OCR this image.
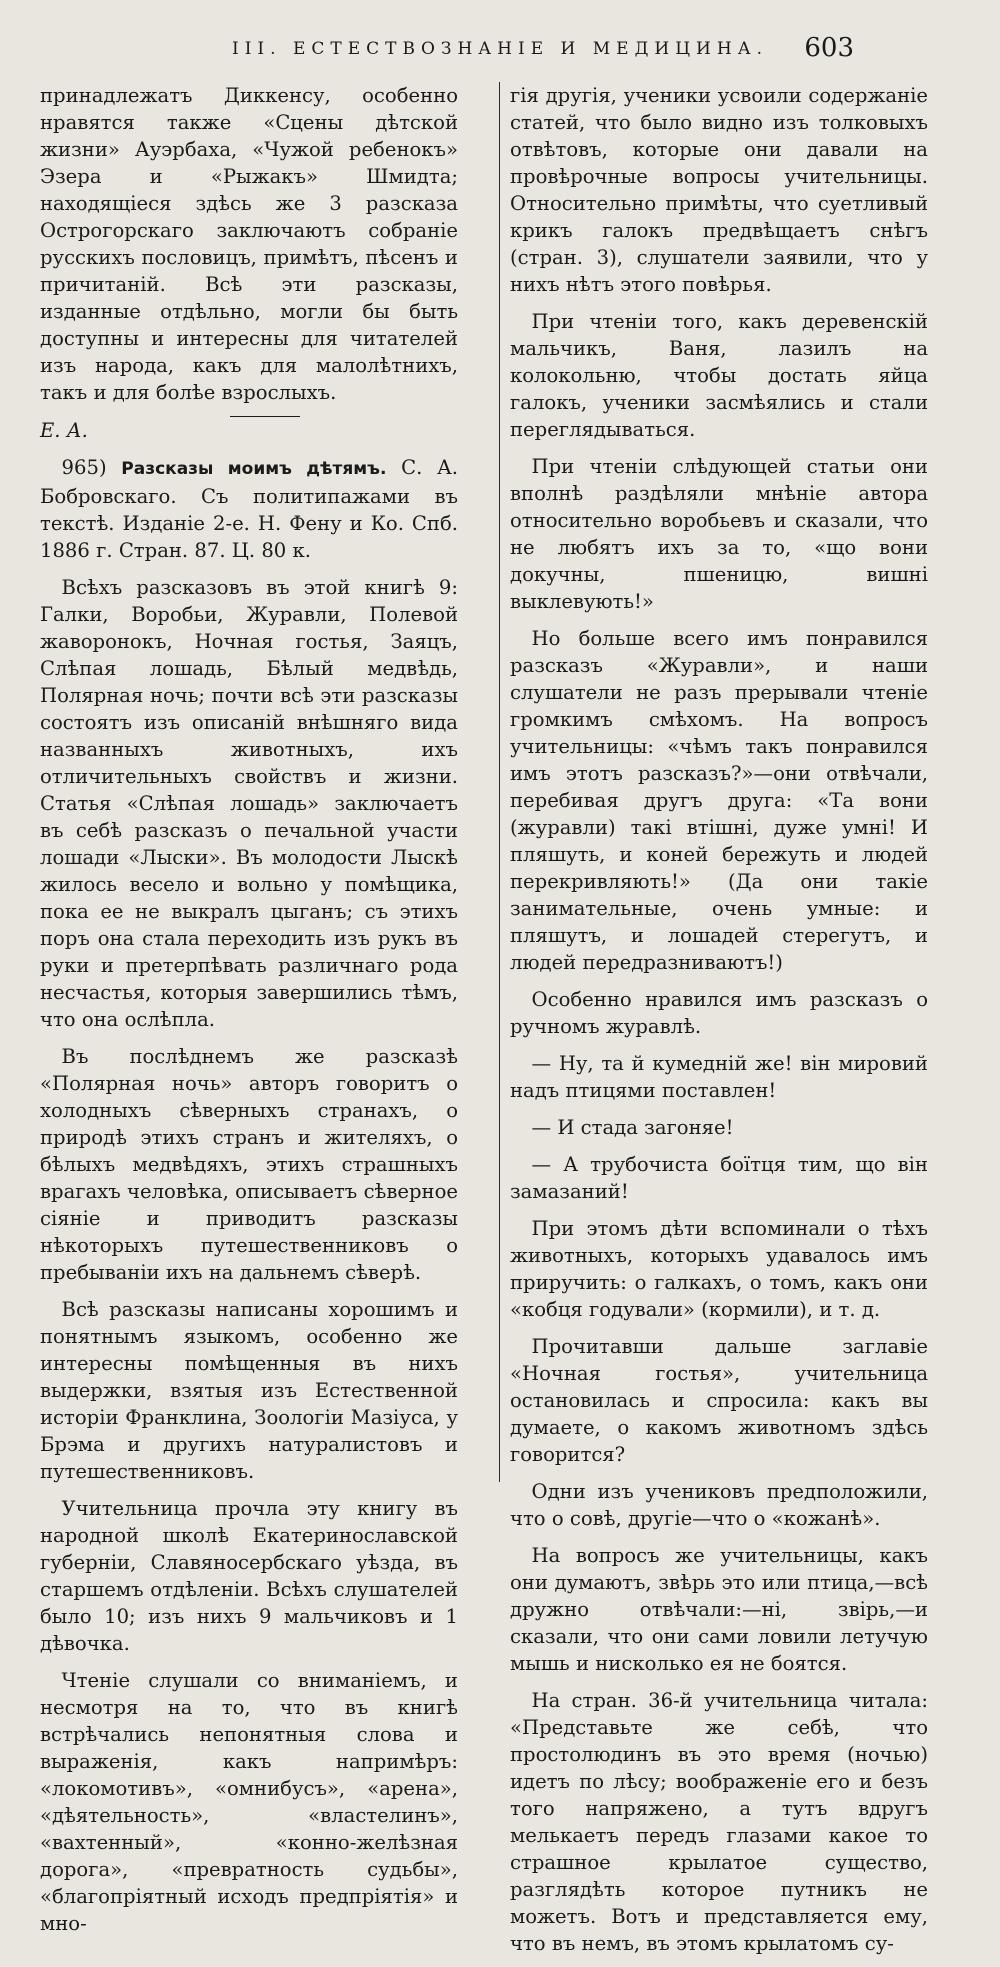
III. ЕСТЕСТВОЗНАНIE И МЕДИЦИНА. 603

принадлежатъ Диккенсу, особенно нравятся также «Сцены дѣтской жизни» Ауэрбаха, «Чужой ребенокъ» Эзера и «Рыжакъ» Шмидта; находящiеся здѣсь же 3 разсказа Острогорскаго заключаютъ собранiе русскихъ пословицъ, примѣтъ, пѣсенъ и причитанiй. Всѣ эти разсказы, изданные отдѣльно, могли бы быть доступны и интересны для читателей изъ народа, какъ для малолѣтнихъ, такъ и для болѣе взрослыхъ.

Е. А.

965) Разсказы моимъ дѣтямъ. С. А. Бобровскаго. Съ политипажами въ текстѣ. Изданiе 2-е. Н. Фену и Ко. Спб. 1886 г. Стран. 87. Ц. 80 к.

Всѣхъ разсказовъ въ этой книгѣ 9: Галки, Воробьи, Журавли, Полевой жаворонокъ, Ночная гостья, Заяцъ, Слѣпая лошадь, Бѣлый медвѣдь, Полярная ночь; почти всѣ эти разсказы состоятъ изъ описанiй внѣшняго вида названныхъ животныхъ, ихъ отличительныхъ свойствъ и жизни. Статья «Слѣпая лошадь» заключаетъ въ себѣ разсказъ о печальной участи лошади «Лыски». Въ молодости Лыскѣ жилось весело и вольно у помѣщика, пока ее не выкралъ цыганъ; съ этихъ поръ она стала переходить изъ рукъ въ руки и претерпѣвать различнаго рода несчастья, которыя завершились тѣмъ, что она ослѣпла.

Въ послѣднемъ же разсказѣ «Полярная ночь» авторъ говоритъ о холодныхъ сѣверныхъ странахъ, о природѣ этихъ странъ и жителяхъ, о бѣлыхъ медвѣдяхъ, этихъ страшныхъ врагахъ человѣка, описываетъ сѣверное сiянiе и приводитъ разсказы нѣкоторыхъ путешественниковъ о пребыванiи ихъ на дальнемъ сѣверѣ.

Всѣ разсказы написаны хорошимъ и понятнымъ языкомъ, особенно же интересны помѣщенныя въ нихъ выдержки, взятыя изъ Естественной исторiи Франклина, Зоологiи Мазiуса, у Брэма и другихъ натуралистовъ и путешественниковъ.

Учительница прочла эту книгу въ народной школѣ Екатеринославской губернiи, Славяносербскаго уѣзда, въ старшемъ отдѣленiи. Всѣхъ слушателей было 10; изъ нихъ 9 мальчиковъ и 1 дѣвочка.

Чтенiе слушали со вниманiемъ, и несмотря на то, что въ книгѣ встрѣчались непонятныя слова и выраженiя, какъ напримѣръ: «локомотивъ», «омнибусъ», «арена», «дѣятельность», «властелинъ», «вахтенный», «конно-желѣзная дорога», «превратность судьбы», «благопрiятный исходъ предпрiятiя» и мно-

гiя другiя, ученики усвоили содержанiе статей, что было видно изъ толковыхъ отвѣтовъ, которые они давали на провѣрочные вопросы учительницы. Относительно примѣты, что суетливый крикъ галокъ предвѣщаетъ снѣгъ (стран. 3), слушатели заявили, что у нихъ нѣтъ этого повѣрья.

При чтенiи того, какъ деревенскiй мальчикъ, Ваня, лазилъ на колокольню, чтобы достать яйца галокъ, ученики засмѣялись и стали переглядываться.

При чтенiи слѣдующей статьи они вполнѣ раздѣляли мнѣнiе автора относительно воробьевъ и сказали, что не любятъ ихъ за то, «що вони докучны, пшеницю, вишнi выклевують!»

Но больше всего имъ понравился разсказъ «Журавли», и наши слушатели не разъ прерывали чтенiе громкимъ смѣхомъ. На вопросъ учительницы: «чѣмъ такъ понравился имъ этотъ разсказъ?»—они отвѣчали, перебивая другъ друга: «Та вони (журавли) такi втiшнi, дуже умнi! И пляшуть, и коней бережуть и людей перекривляють!» (Да они такiе занимательные, очень умные: и пляшутъ, и лошадей стерегутъ, и людей передразниваютъ!)

Особенно нравился имъ разсказъ о ручномъ журавлѣ.

— Ну, та й кумеднiй же! вiн мировий надъ птицями поставлен!

— И стада загоняе!

— А трубочиста боïтця тим, що вiн замазаний!

При этомъ дѣти вспоминали о тѣхъ животныхъ, которыхъ удавалось имъ приручить: о галкахъ, о томъ, какъ они «кобця годували» (кормили), и т. д.

Прочитавши дальше заглавiе «Ночная гостья», учительница остановилась и спросила: какъ вы думаете, о какомъ животномъ здѣсь говорится?

Одни изъ учениковъ предположили, что о совѣ, другiе—что о «кожанѣ».

На вопросъ же учительницы, какъ они думаютъ, звѣрь это или птица,—всѣ дружно отвѣчали:—нi, звiрь,—и сказали, что они сами ловили летучую мышь и нисколько ея не боятся.

На стран. 36-й учительница читала: «Представьте же себѣ, что простолюдинъ въ это время (ночью) идетъ по лѣсу; воображенiе его и безъ того напряжено, а тутъ вдругъ мелькаетъ передъ глазами какое то страшное крылатое существо, разглядѣть которое путникъ не можетъ. Вотъ и представляется ему, что въ немъ, въ этомъ крылатомъ су-
